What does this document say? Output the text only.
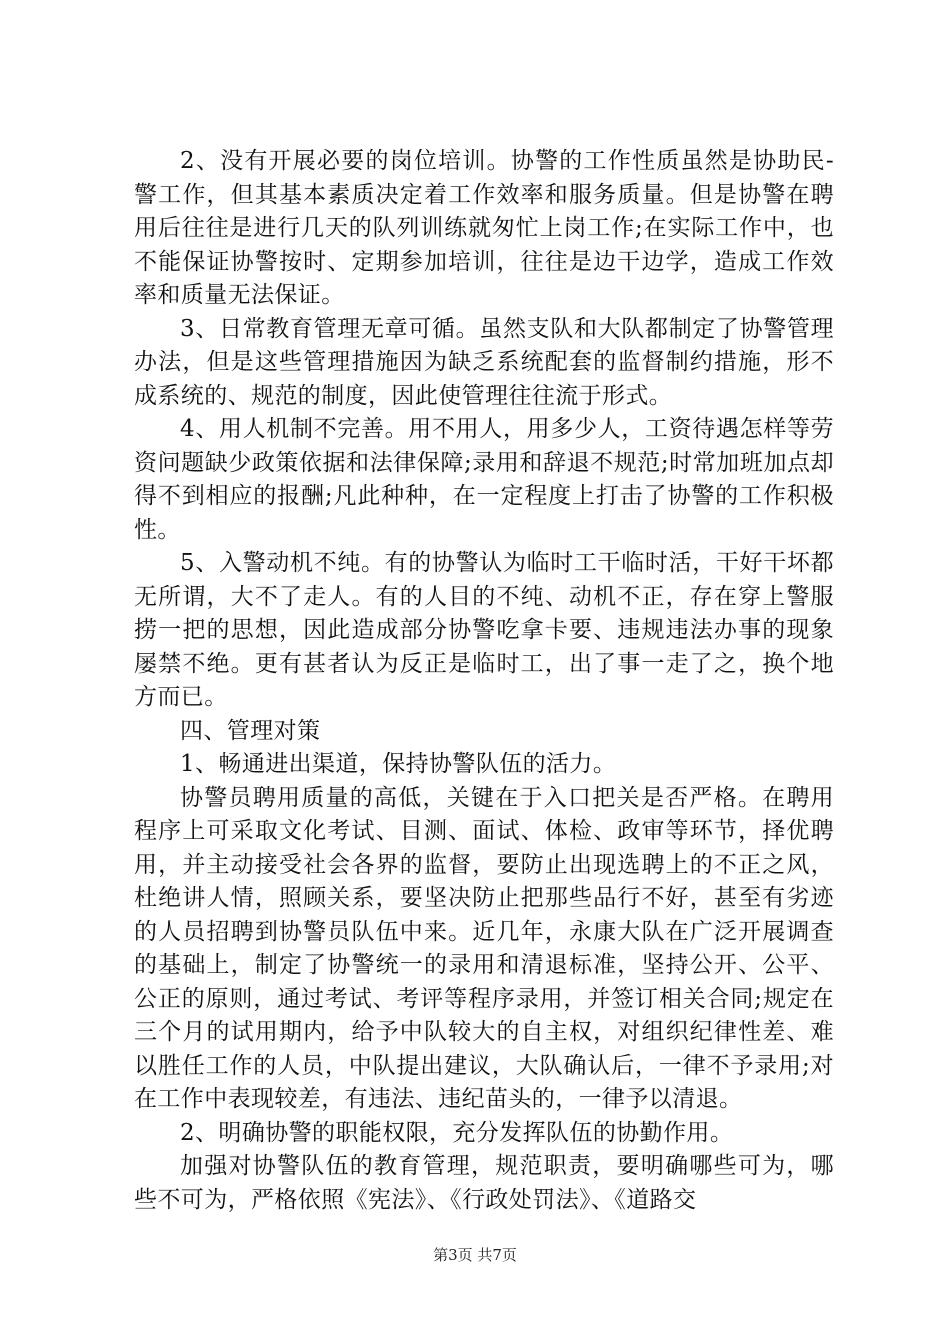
2、没有开展必要的岗位培训。协警的工作性质虽然是协助民-警工作，但其基本素质决定着工作效率和服务质量。但是协警在聘用后往往是进行几天的队列训练就匆忙上岗工作;在实际工作中，也不能保证协警按时、定期参加培训，往往是边干边学，造成工作效率和质量无法保证。

3、日常教育管理无章可循。虽然支队和大队都制定了协警管理办法，但是这些管理措施因为缺乏系统配套的监督制约措施，形不成系统的、规范的制度，因此使管理往往流于形式。

4、用人机制不完善。用不用人，用多少人，工资待遇怎样等劳资问题缺少政策依据和法律保障;录用和辞退不规范;时常加班加点却得不到相应的报酬;凡此种种，在一定程度上打击了协警的工作积极性。

5、入警动机不纯。有的协警认为临时工干临时活，干好干坏都无所谓，大不了走人。有的人目的不纯、动机不正，存在穿上警服捞一把的思想，因此造成部分协警吃拿卡要、违规违法办事的现象屡禁不绝。更有甚者认为反正是临时工，出了事一走了之，换个地方而已。

四、管理对策

1、畅通进出渠道，保持协警队伍的活力。

协警员聘用质量的高低，关键在于入口把关是否严格。在聘用程序上可采取文化考试、目测、面试、体检、政审等环节，择优聘用，并主动接受社会各界的监督，要防止出现选聘上的不正之风，杜绝讲人情，照顾关系，要坚决防止把那些品行不好，甚至有劣迹的人员招聘到协警员队伍中来。近几年，永康大队在广泛开展调查的基础上，制定了协警统一的录用和清退标准，坚持公开、公平、公正的原则，通过考试、考评等程序录用，并签订相关合同;规定在三个月的试用期内，给予中队较大的自主权，对组织纪律性差、难以胜任工作的人员，中队提出建议，大队确认后，一律不予录用;对在工作中表现较差，有违法、违纪苗头的，一律予以清退。

2、明确协警的职能权限，充分发挥队伍的协勤作用。

加强对协警队伍的教育管理，规范职责，要明确哪些可为，哪些不可为，严格依照《宪法》、《行政处罚法》、《道路交

第3页 共7页
